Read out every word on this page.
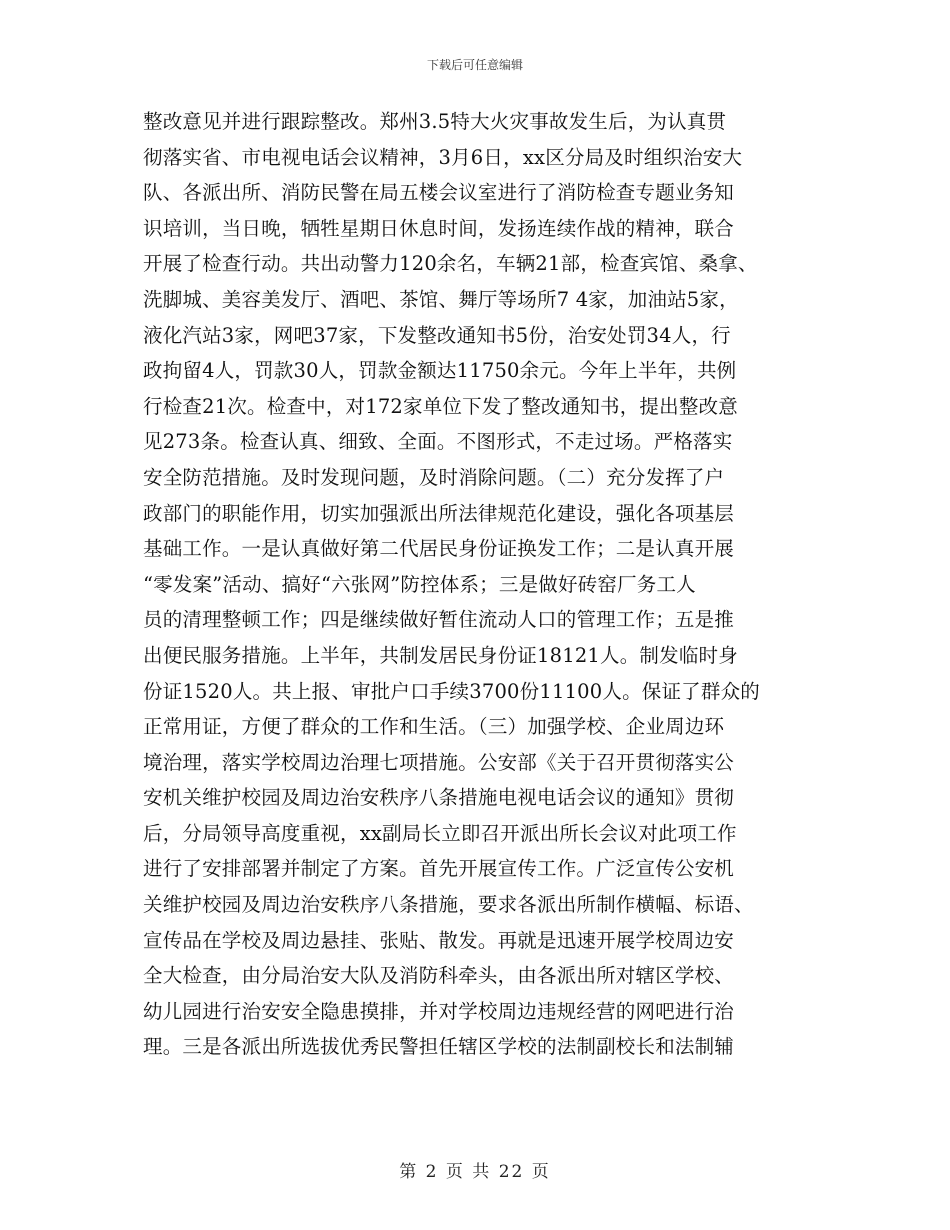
下载后可任意编辑
整改意见并进行跟踪整改。郑州3.5特大火灾事故发生后，为认真贯
彻落实省、市电视电话会议精神，3月6日，xx区分局及时组织治安大
队、各派出所、消防民警在局五楼会议室进行了消防检查专题业务知
识培训，当日晚，牺牲星期日休息时间，发扬连续作战的精神，联合
开展了检查行动。共出动警力120余名，车辆21部，检查宾馆、桑拿、
洗脚城、美容美发厅、酒吧、茶馆、舞厅等场所7 4家，加油站5家，
液化汽站3家，网吧37家，下发整改通知书5份，治安处罚34人，行
政拘留4人，罚款30人，罚款金额达11750余元。今年上半年，共例
行检查21次。检查中，对172家单位下发了整改通知书，提出整改意
见273条。检查认真、细致、全面。不图形式，不走过场。严格落实
安全防范措施。及时发现问题，及时消除问题。（二）充分发挥了户
政部门的职能作用，切实加强派出所法律规范化建设，强化各项基层
基础工作。一是认真做好第二代居民身份证换发工作；二是认真开展
“零发案”活动、搞好“六张网”防控体系；三是做好砖窑厂务工人
员的清理整顿工作；四是继续做好暂住流动人口的管理工作；五是推
出便民服务措施。上半年，共制发居民身份证18121人。制发临时身
份证1520人。共上报、审批户口手续3700份11100人。保证了群众的
正常用证，方便了群众的工作和生活。（三）加强学校、企业周边环
境治理，落实学校周边治理七项措施。公安部《关于召开贯彻落实公
安机关维护校园及周边治安秩序八条措施电视电话会议的通知》贯彻
后，分局领导高度重视，xx副局长立即召开派出所长会议对此项工作
进行了安排部署并制定了方案。首先开展宣传工作。广泛宣传公安机
关维护校园及周边治安秩序八条措施，要求各派出所制作横幅、标语、
宣传品在学校及周边悬挂、张贴、散发。再就是迅速开展学校周边安
全大检查，由分局治安大队及消防科牵头，由各派出所对辖区学校、
幼儿园进行治安安全隐患摸排，并对学校周边违规经营的网吧进行治
理。三是各派出所选拔优秀民警担任辖区学校的法制副校长和法制辅
第 2 页 共 22 页
